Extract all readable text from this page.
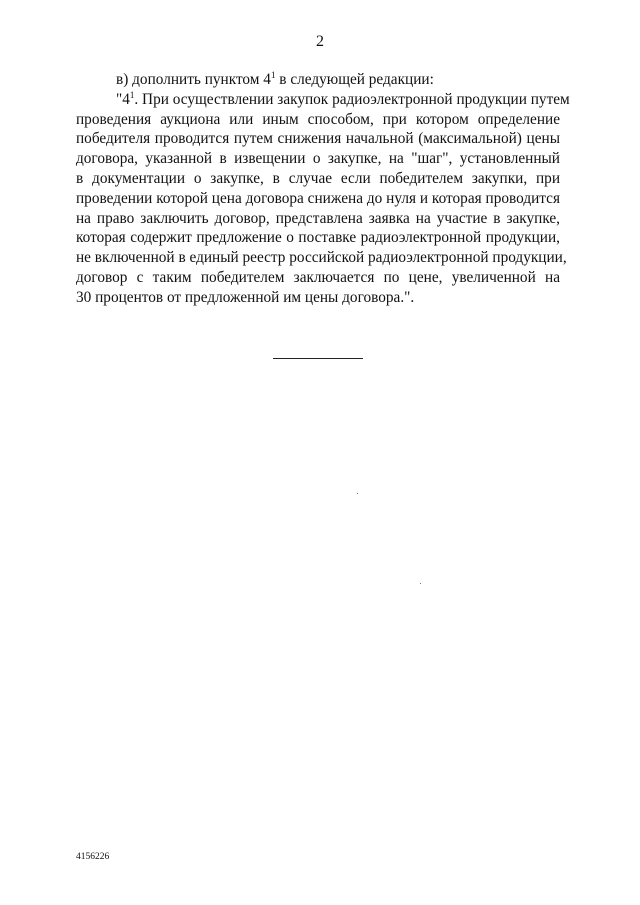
2
в) дополнить пунктом $4^1$ в следующей редакции:
"$4^1$. При осуществлении закупок радиоэлектронной продукции путем
проведения аукциона или иным способом, при котором определение
победителя проводится путем снижения начальной (максимальной) цены
договора, указанной в извещении о закупке, на "шаг", установленный
в документации о закупке, в случае если победителем закупки, при
проведении которой цена договора снижена до нуля и которая проводится
на право заключить договор, представлена заявка на участие в закупке,
которая содержит предложение о поставке радиоэлектронной продукции,
не включенной в единый реестр российской радиоэлектронной продукции,
договор с таким победителем заключается по цене, увеличенной на
30 процентов от предложенной им цены договора.".
4156226
